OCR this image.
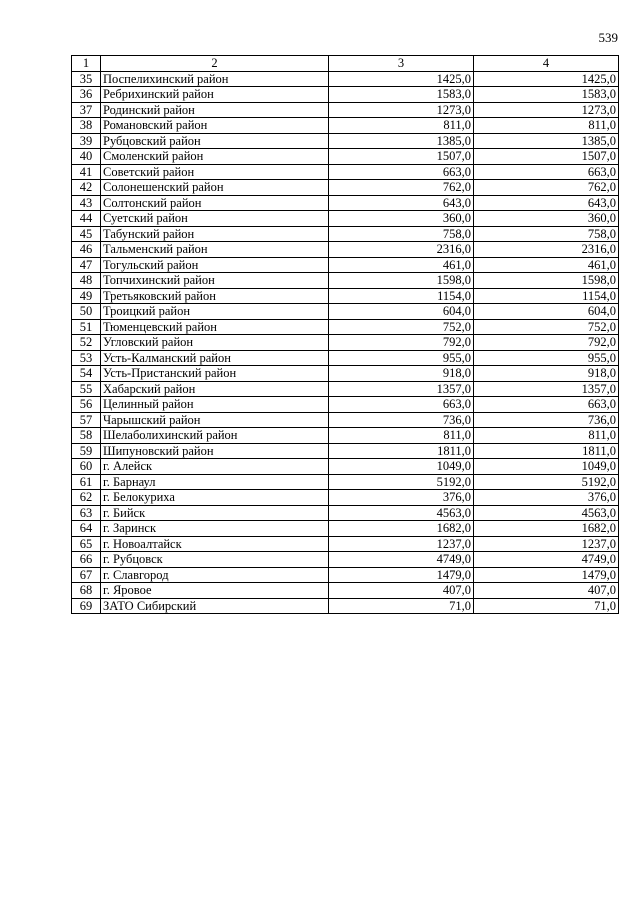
539
1	2	3	4
35	Поспелихинский район	1425,0	1425,0
36	Ребрихинский район	1583,0	1583,0
37	Родинский район	1273,0	1273,0
38	Романовский район	811,0	811,0
39	Рубцовский район	1385,0	1385,0
40	Смоленский район	1507,0	1507,0
41	Советский район	663,0	663,0
42	Солонешенский район	762,0	762,0
43	Солтонский район	643,0	643,0
44	Суетский район	360,0	360,0
45	Табунский район	758,0	758,0
46	Тальменский район	2316,0	2316,0
47	Тогульский район	461,0	461,0
48	Топчихинский район	1598,0	1598,0
49	Третьяковский район	1154,0	1154,0
50	Троицкий район	604,0	604,0
51	Тюменцевский район	752,0	752,0
52	Угловский район	792,0	792,0
53	Усть-Калманский район	955,0	955,0
54	Усть-Пристанский район	918,0	918,0
55	Хабарский район	1357,0	1357,0
56	Целинный район	663,0	663,0
57	Чарышский район	736,0	736,0
58	Шелаболихинский район	811,0	811,0
59	Шипуновский район	1811,0	1811,0
60	г. Алейск	1049,0	1049,0
61	г. Барнаул	5192,0	5192,0
62	г. Белокуриха	376,0	376,0
63	г. Бийск	4563,0	4563,0
64	г. Заринск	1682,0	1682,0
65	г. Новоалтайск	1237,0	1237,0
66	г. Рубцовск	4749,0	4749,0
67	г. Славгород	1479,0	1479,0
68	г. Яровое	407,0	407,0
69	ЗАТО Сибирский	71,0	71,0
